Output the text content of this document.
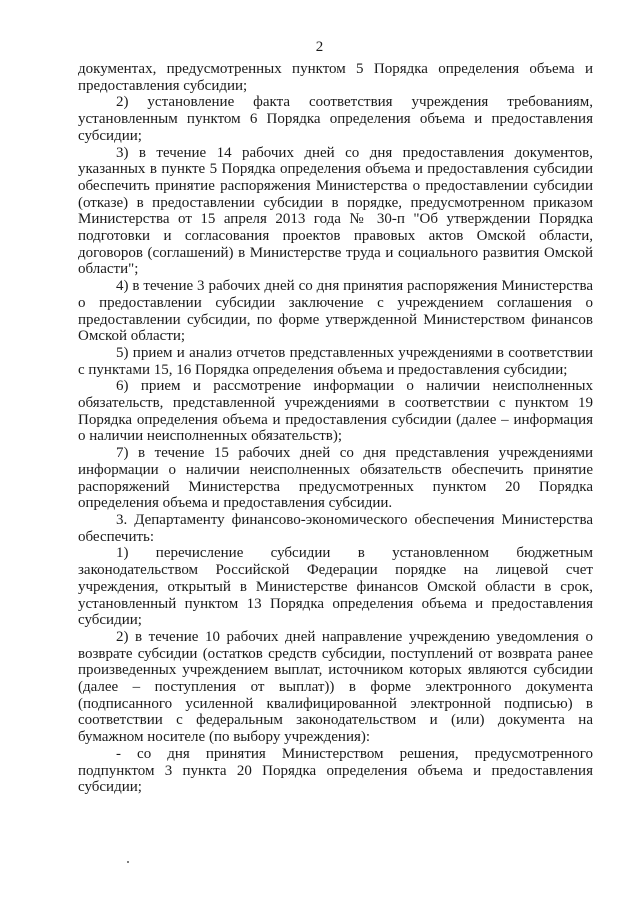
2

документах, предусмотренных пунктом 5 Порядка определения объема и предоставления субсидии;

2) установление факта соответствия учреждения требованиям, установленным пунктом 6 Порядка определения объема и предоставления субсидии;

3) в течение 14 рабочих дней со дня предоставления документов, указанных в пункте 5 Порядка определения объема и предоставления субсидии обеспечить принятие распоряжения Министерства о предоставлении субсидии (отказе) в предоставлении субсидии в порядке, предусмотренном приказом Министерства от 15 апреля 2013 года № 30-п "Об утверждении Порядка подготовки и согласования проектов правовых актов Омской области, договоров (соглашений) в Министерстве труда и социального развития Омской области";

4) в течение 3 рабочих дней со дня принятия распоряжения Министерства о предоставлении субсидии заключение с учреждением соглашения о предоставлении субсидии, по форме утвержденной Министерством финансов Омской области;

5) прием и анализ отчетов представленных учреждениями в соответствии с пунктами 15, 16 Порядка определения объема и предоставления субсидии;

6) прием и рассмотрение информации о наличии неисполненных обязательств, представленной учреждениями в соответствии с пунктом 19 Порядка определения объема и предоставления субсидии (далее – информация о наличии неисполненных обязательств);

7) в течение 15 рабочих дней со дня представления учреждениями информации о наличии неисполненных обязательств обеспечить принятие распоряжений Министерства предусмотренных пунктом 20 Порядка определения объема и предоставления субсидии.

3. Департаменту финансово-экономического обеспечения Министерства обеспечить:

1) перечисление субсидии в установленном бюджетным законодательством Российской Федерации порядке на лицевой счет учреждения, открытый в Министерстве финансов Омской области в срок, установленный пунктом 13 Порядка определения объема и предоставления субсидии;

2) в течение 10 рабочих дней направление учреждению уведомления о возврате субсидии (остатков средств субсидии, поступлений от возврата ранее произведенных учреждением выплат, источником которых являются субсидии (далее – поступления от выплат)) в форме электронного документа (подписанного усиленной квалифицированной электронной подписью) в соответствии с федеральным законодательством и (или) документа на бумажном носителе (по выбору учреждения):

- со дня принятия Министерством решения, предусмотренного подпунктом 3 пункта 20 Порядка определения объема и предоставления субсидии;
